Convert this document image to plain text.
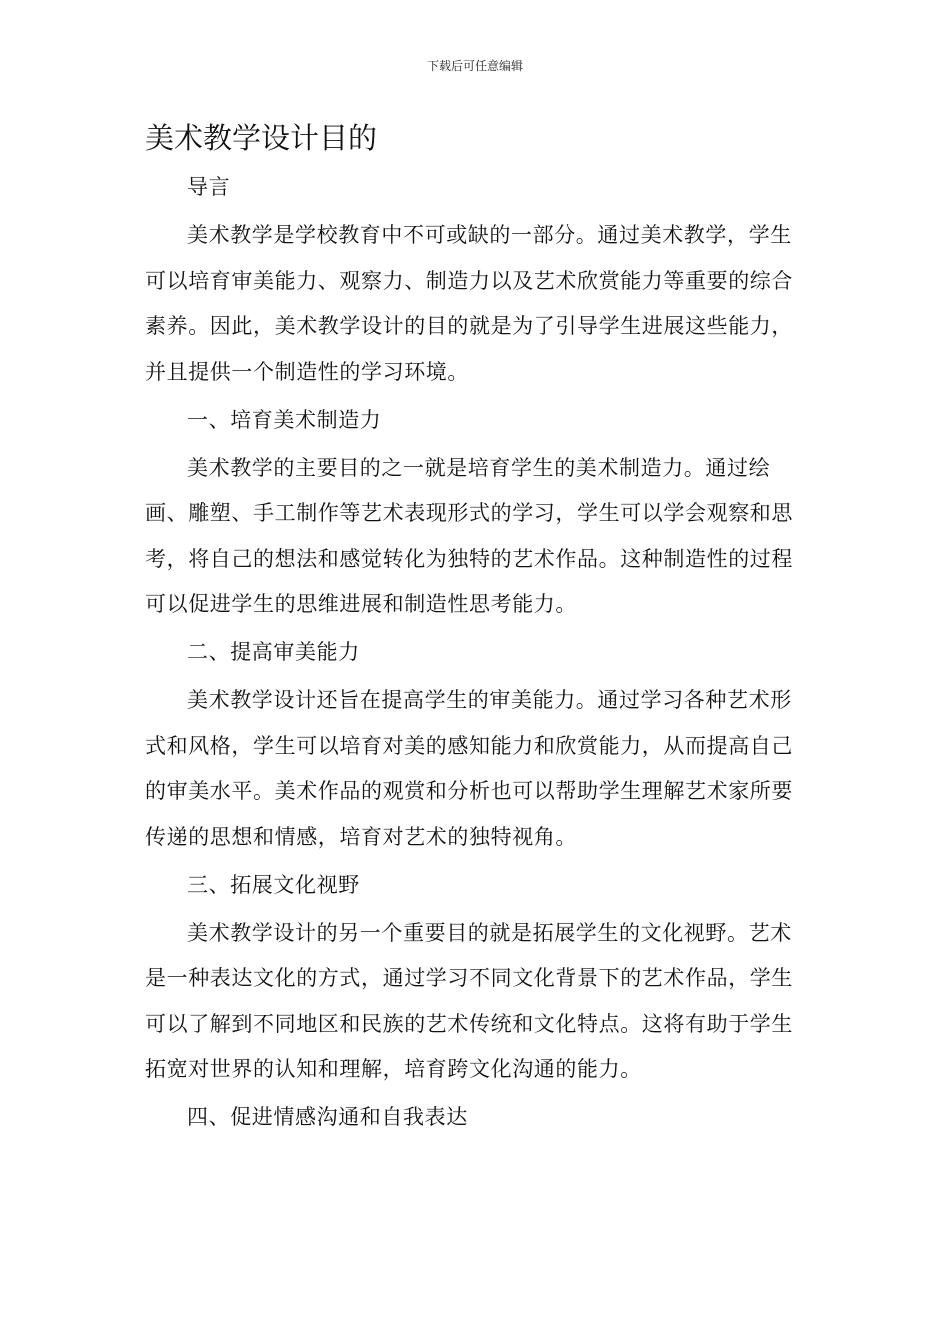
下载后可任意编辑
美术教学设计目的

导言

美术教学是学校教育中不可或缺的一部分。通过美术教学，学生可以培育审美能力、观察力、制造力以及艺术欣赏能力等重要的综合素养。因此，美术教学设计的目的就是为了引导学生进展这些能力，并且提供一个制造性的学习环境。

一、培育美术制造力

美术教学的主要目的之一就是培育学生的美术制造力。通过绘画、雕塑、手工制作等艺术表现形式的学习，学生可以学会观察和思考，将自己的想法和感觉转化为独特的艺术作品。这种制造性的过程可以促进学生的思维进展和制造性思考能力。

二、提高审美能力

美术教学设计还旨在提高学生的审美能力。通过学习各种艺术形式和风格，学生可以培育对美的感知能力和欣赏能力，从而提高自己的审美水平。美术作品的观赏和分析也可以帮助学生理解艺术家所要传递的思想和情感，培育对艺术的独特视角。

三、拓展文化视野

美术教学设计的另一个重要目的就是拓展学生的文化视野。艺术是一种表达文化的方式，通过学习不同文化背景下的艺术作品，学生可以了解到不同地区和民族的艺术传统和文化特点。这将有助于学生拓宽对世界的认知和理解，培育跨文化沟通的能力。

四、促进情感沟通和自我表达
